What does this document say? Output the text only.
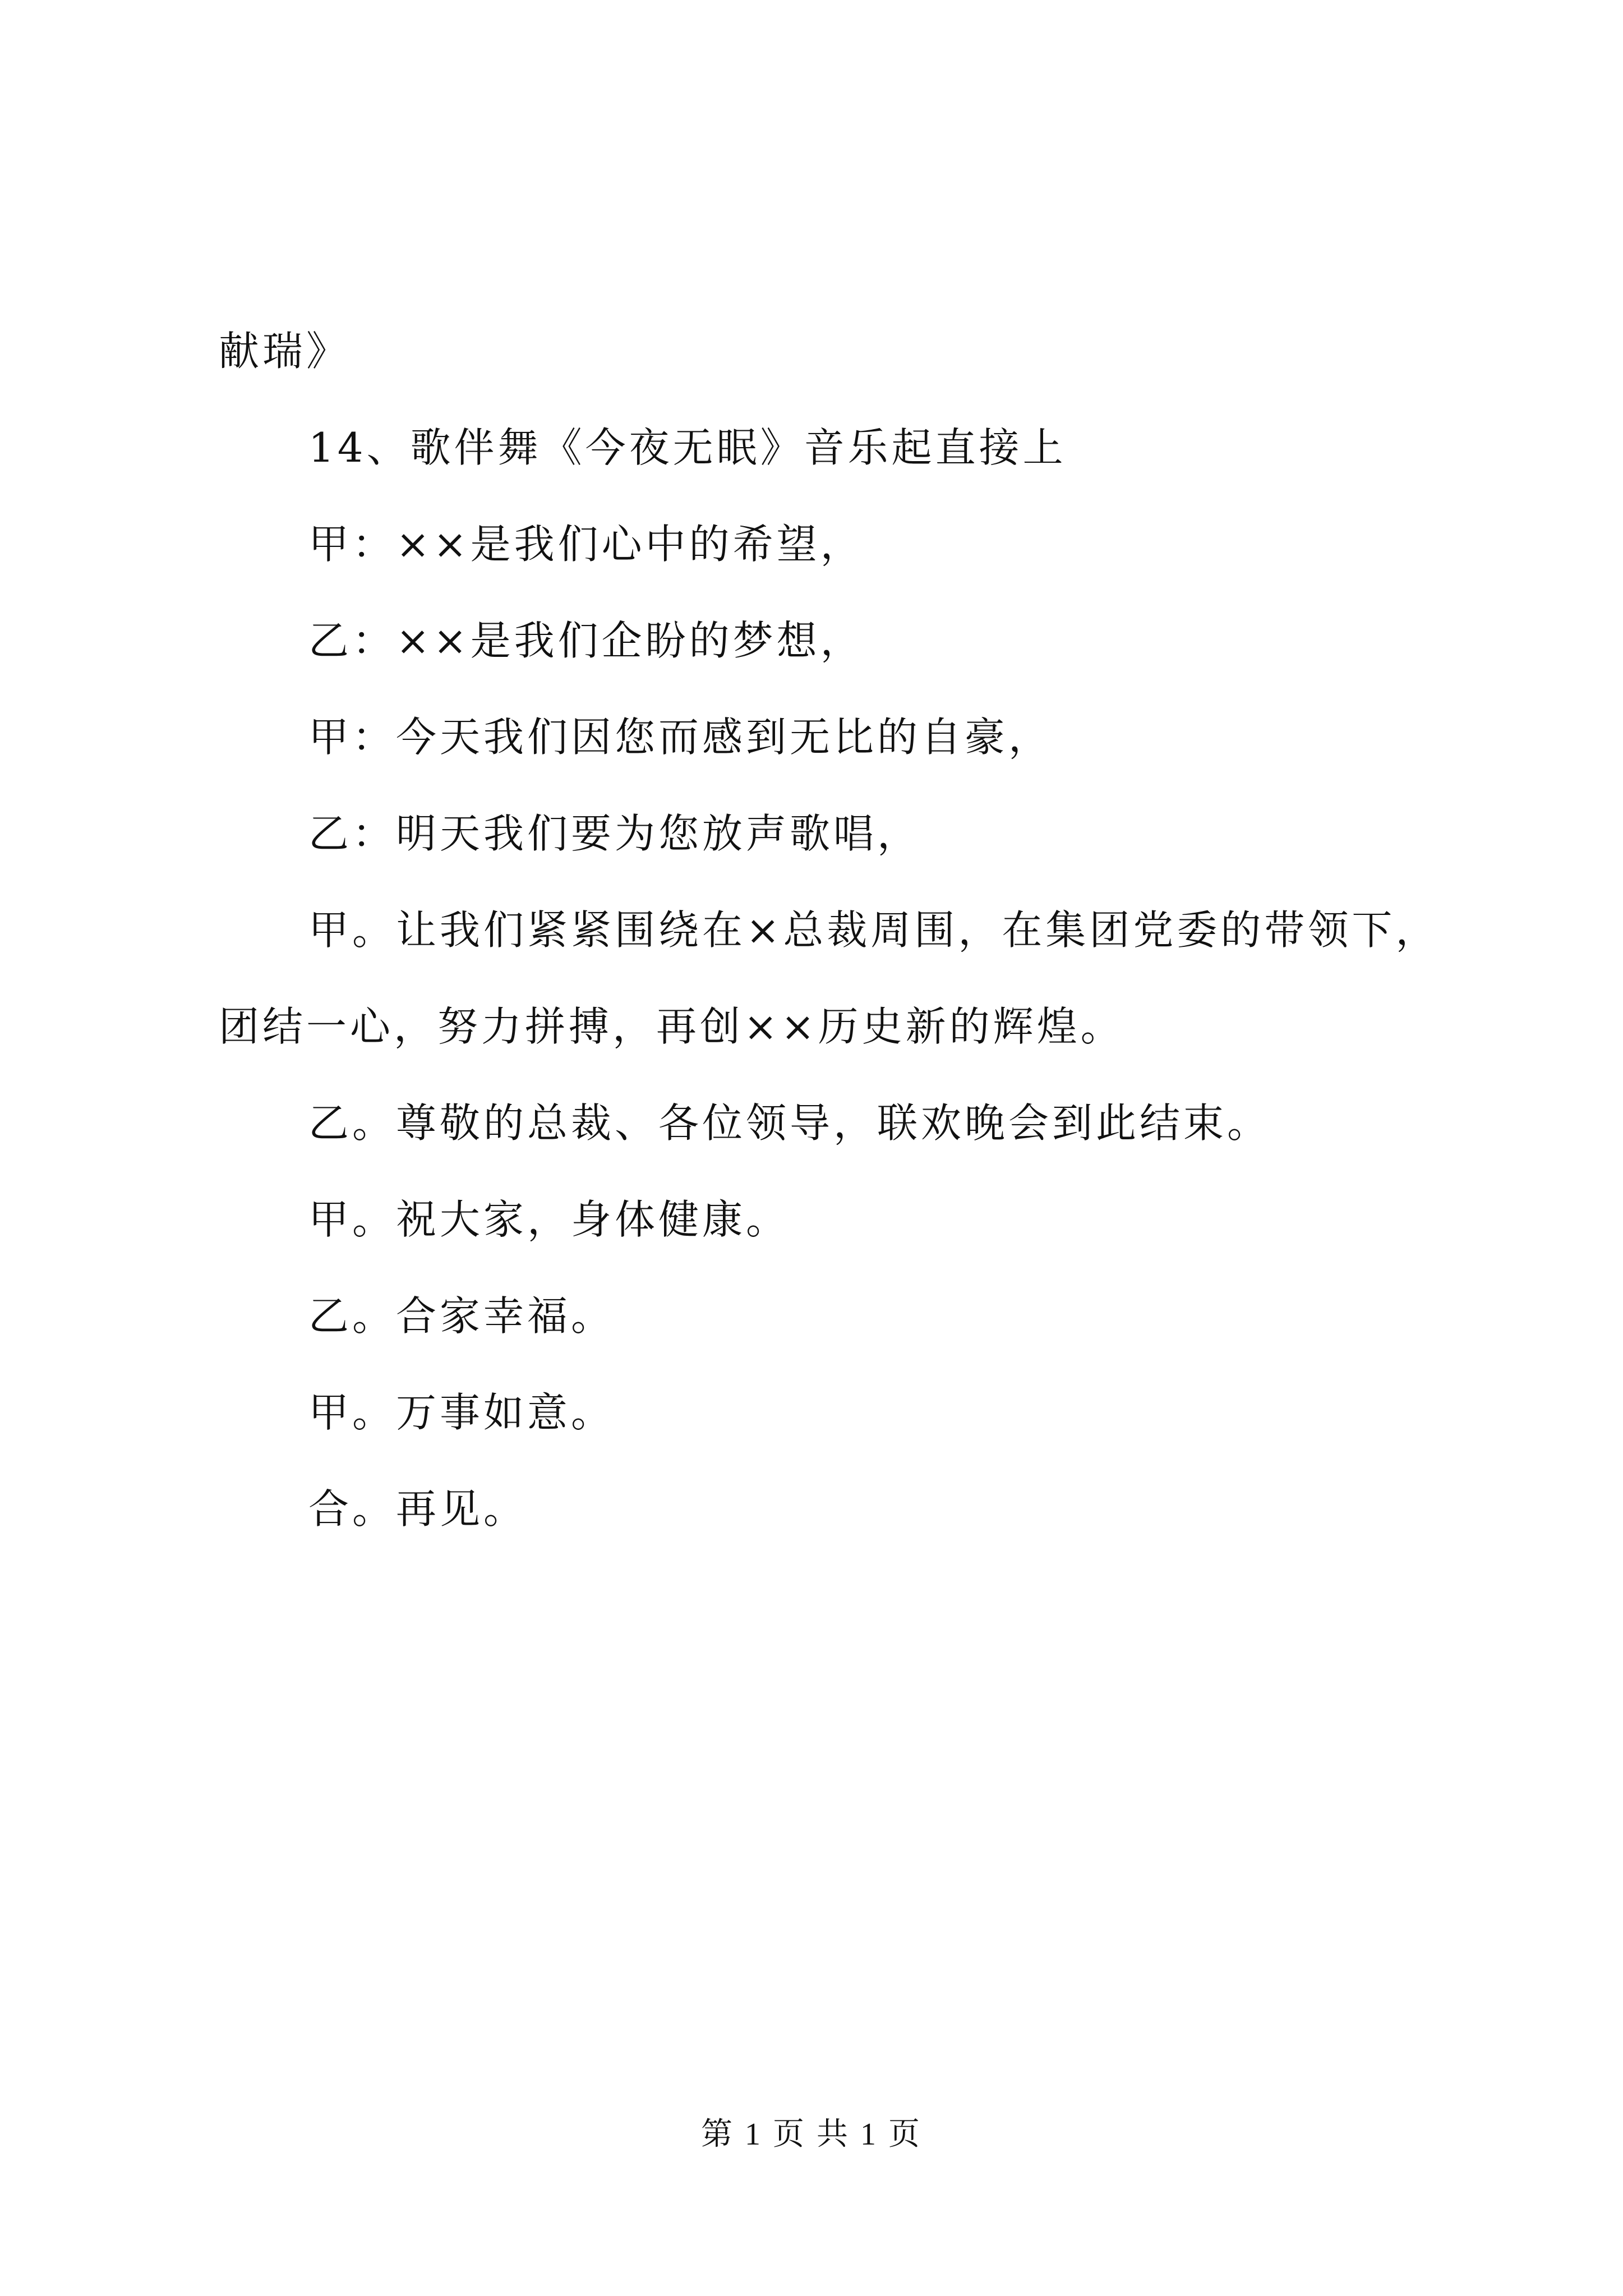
献瑞》
14、歌伴舞《今夜无眠》音乐起直接上
甲：××是我们心中的希望，
乙：××是我们企盼的梦想，
甲：今天我们因您而感到无比的自豪，
乙：明天我们要为您放声歌唱，
甲。让我们紧紧围绕在×总裁周围，在集团党委的带领下，团结一心，努力拼搏，再创××历史新的辉煌。
乙。尊敬的总裁、各位领导，联欢晚会到此结束。
甲。祝大家，身体健康。
乙。合家幸福。
甲。万事如意。
合。再见。
第 1 页 共 1 页
